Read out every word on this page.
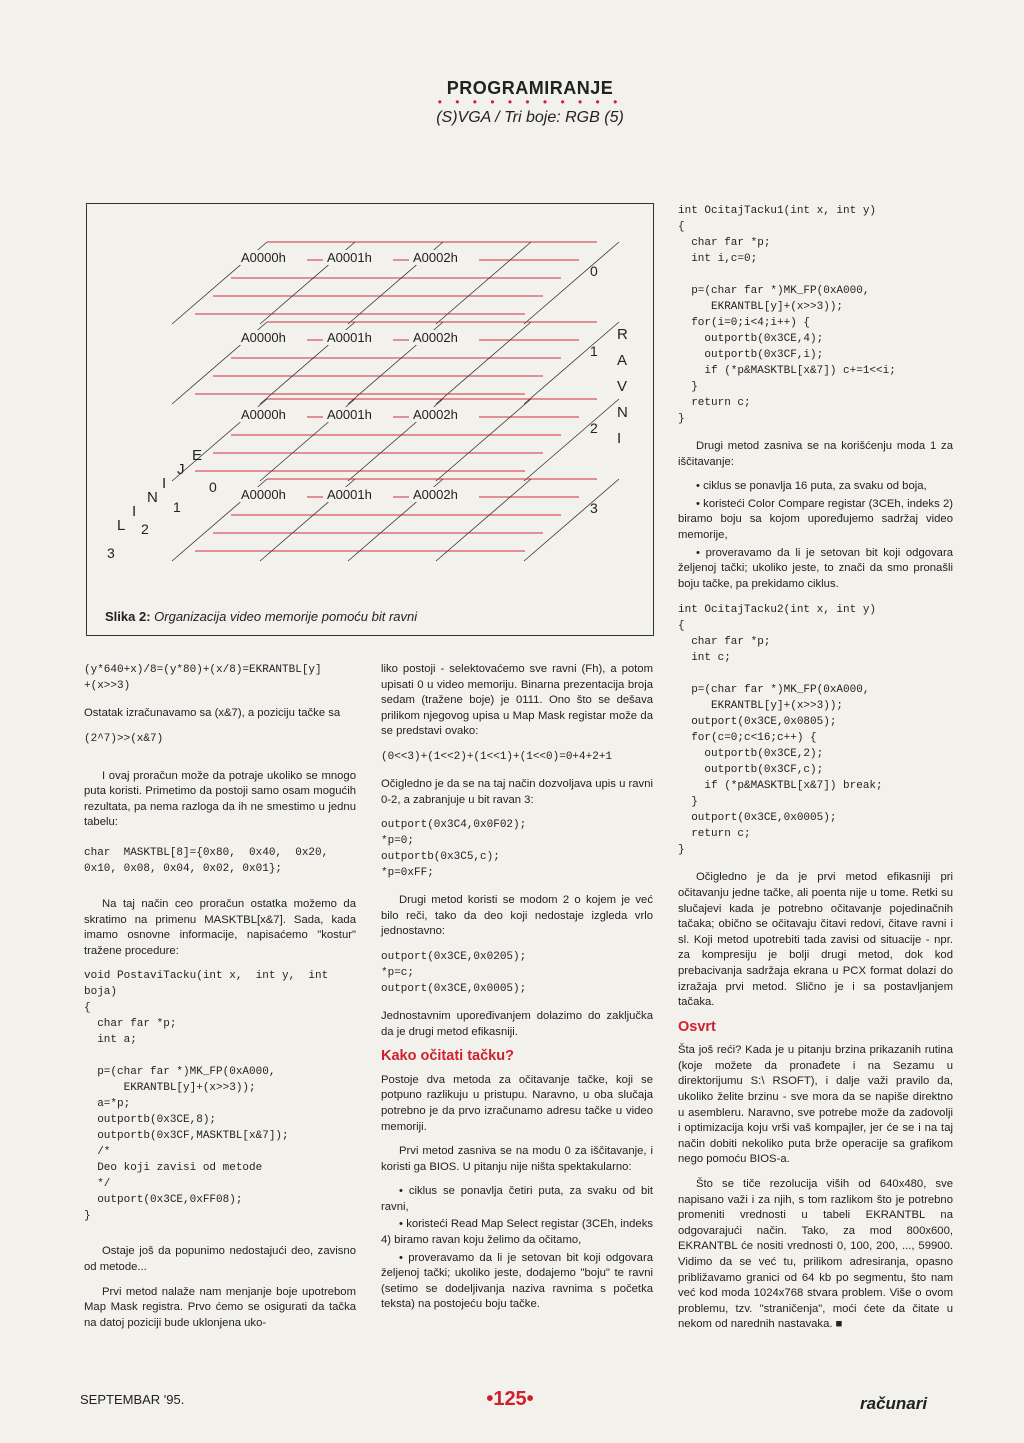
PROGRAMIRANJE
• • • • • • • • • • •
(S)VGA / Tri boje: RGB (5)
A0000h	A0001h	A0002h
0
A0000h	A0001h	A0002h
1
A0000h	A0001h	A0002h
2
A0000h	A0001h	A0002h
3
R
A
V
N
I
L
I
N
I
J
E
0
1
2
3
Slika 2: Organizacija video memorije pomoću bit ravni
(y*640+x)/8=(y*80)+(x/8)=EKRANTBL[y]
+(x>>3)

Ostatak izračunavamo sa (x&7), a poziciju tačke sa

(2^7)>>(x&7)

I ovaj proračun može da potraje ukoliko se mnogo puta koristi. Primetimo da postoji samo osam mogućih rezultata, pa nema razloga da ih ne smestimo u jednu tabelu:

char  MASKTBL[8]={0x80,  0x40,  0x20,
0x10, 0x08, 0x04, 0x02, 0x01};

Na taj način ceo proračun ostatka možemo da skratimo na primenu MASKTBL[x&7]. Sada, kada imamo osnovne informacije, napisaćemo "kostur" tražene procedure:

void PostaviTacku(int x,  int y,  int
boja)
{
char far *p;
int a;

p=(char far *)MK_FP(0xA000,
EKRANTBL[y]+(x>>3));
a=*p;
outportb(0x3CE,8);
outportb(0x3CF,MASKTBL[x&7]);
/*
Deo koji zavisi od metode
*/
outport(0x3CE,0xFF08);
}

Ostaje još da popunimo nedostajući deo, zavisno od metode...

Prvi metod nalaže nam menjanje boje upotrebom Map Mask registra. Prvo ćemo se osigurati da tačka na datoj poziciji bude uklonjena uko-

liko postoji - selektovaćemo sve ravni (Fh), a potom upisati 0 u video memoriju. Binarna prezentacija broja sedam (tražene boje) je 0111. Ono što se dešava prilikom njegovog upisa u Map Mask registar može da se predstavi ovako:

(0<<3)+(1<<2)+(1<<1)+(1<<0)=0+4+2+1

Očigledno je da se na taj način dozvoljava upis u ravni 0-2, a zabranjuje u bit ravan 3:

outport(0x3C4,0x0F02);
*p=0;
outportb(0x3C5,c);
*p=0xFF;

Drugi metod koristi se modom 2 o kojem je već bilo reči, tako da deo koji nedostaje izgleda vrlo jednostavno:

outport(0x3CE,0x0205);
*p=c;
outport(0x3CE,0x0005);

Jednostavnim upoređivanjem dolazimo do zaključka da je drugi metod efikasniji.

Kako očitati tačku?

Postoje dva metoda za očitavanje tačke, koji se potpuno razlikuju u pristupu. Naravno, u oba slučaja potrebno je da prvo izračunamo adresu tačke u video memoriji.

Prvi metod zasniva se na modu 0 za iščitavanje, i koristi ga BIOS. U pitanju nije ništa spektakularno:

• ciklus se ponavlja četiri puta, za svaku od bit ravni,

• koristeći Read Map Select registar (3CEh, indeks 4) biramo ravan koju želimo da očitamo,

• proveravamo da li je setovan bit koji odgovara željenoj tački; ukoliko jeste, dodajemo "boju" te ravni (setimo se dodeljivanja naziva ravnima s početka teksta) na postojeću boju tačke.

int OcitajTacku1(int x, int y)
{
char far *p;
int i,c=0;

p=(char far *)MK_FP(0xA000,
EKRANTBL[y]+(x>>3));
for(i=0;i<4;i++) {
outportb(0x3CE,4);
outportb(0x3CF,i);
if (*p&MASKTBL[x&7]) c+=1<<i;
}
return c;
}

Drugi metod zasniva se na korišćenju moda 1 za iščitavanje:

• ciklus se ponavlja 16 puta, za svaku od boja,

• koristeći Color Compare registar (3CEh, indeks 2) biramo boju sa kojom upoređujemo sadržaj video memorije,

• proveravamo da li je setovan bit koji odgovara željenoj tački; ukoliko jeste, to znači da smo pronašli boju tačke, pa prekidamo ciklus.

int OcitajTacku2(int x, int y)
{
char far *p;
int c;

p=(char far *)MK_FP(0xA000,
EKRANTBL[y]+(x>>3));
outport(0x3CE,0x0805);
for(c=0;c<16;c++) {
outportb(0x3CE,2);
outportb(0x3CF,c);
if (*p&MASKTBL[x&7]) break;
}
outport(0x3CE,0x0005);
return c;
}

Očigledno je da je prvi metod efikasniji pri očitavanju jedne tačke, ali poenta nije u tome. Retki su slučajevi kada je potrebno očitavanje pojedinačnih tačaka; obično se očitavaju čitavi redovi, čitave ravni i sl. Koji metod upotrebiti tada zavisi od situacije - npr. za kompresiju je bolji drugi metod, dok kod prebacivanja sadržaja ekrana u PCX format dolazi do izražaja prvi metod. Slično je i sa postavljanjem tačaka.

Osvrt

Šta još reći? Kada je u pitanju brzina prikazanih rutina (koje možete da pronađete i na Sezamu u direktorijumu S:\ RSOFT), i dalje važi pravilo da, ukoliko želite brzinu - sve mora da se napiše direktno u asembleru. Naravno, sve potrebe može da zadovolji i optimizacija koju vrši vaš kompajler, jer će se i na taj način dobiti nekoliko puta brže operacije sa grafikom nego pomoću BIOS-a.

Što se tiče rezolucija viših od 640x480, sve napisano važi i za njih, s tom razlikom što je potrebno promeniti vrednosti u tabeli EKRANTBL na odgovarajući način. Tako, za mod 800x600, EKRANTBL će nositi vrednosti 0, 100, 200, ..., 59900. Vidimo da se već tu, prilikom adresiranja, opasno približavamo granici od 64 kb po segmentu, što nam već kod moda 1024x768 stvara problem. Više o ovom problemu, tzv. "straničenja", moći ćete da čitate u nekom od narednih nastavaka. ■

SEPTEMBAR '95.	•125•	računari
